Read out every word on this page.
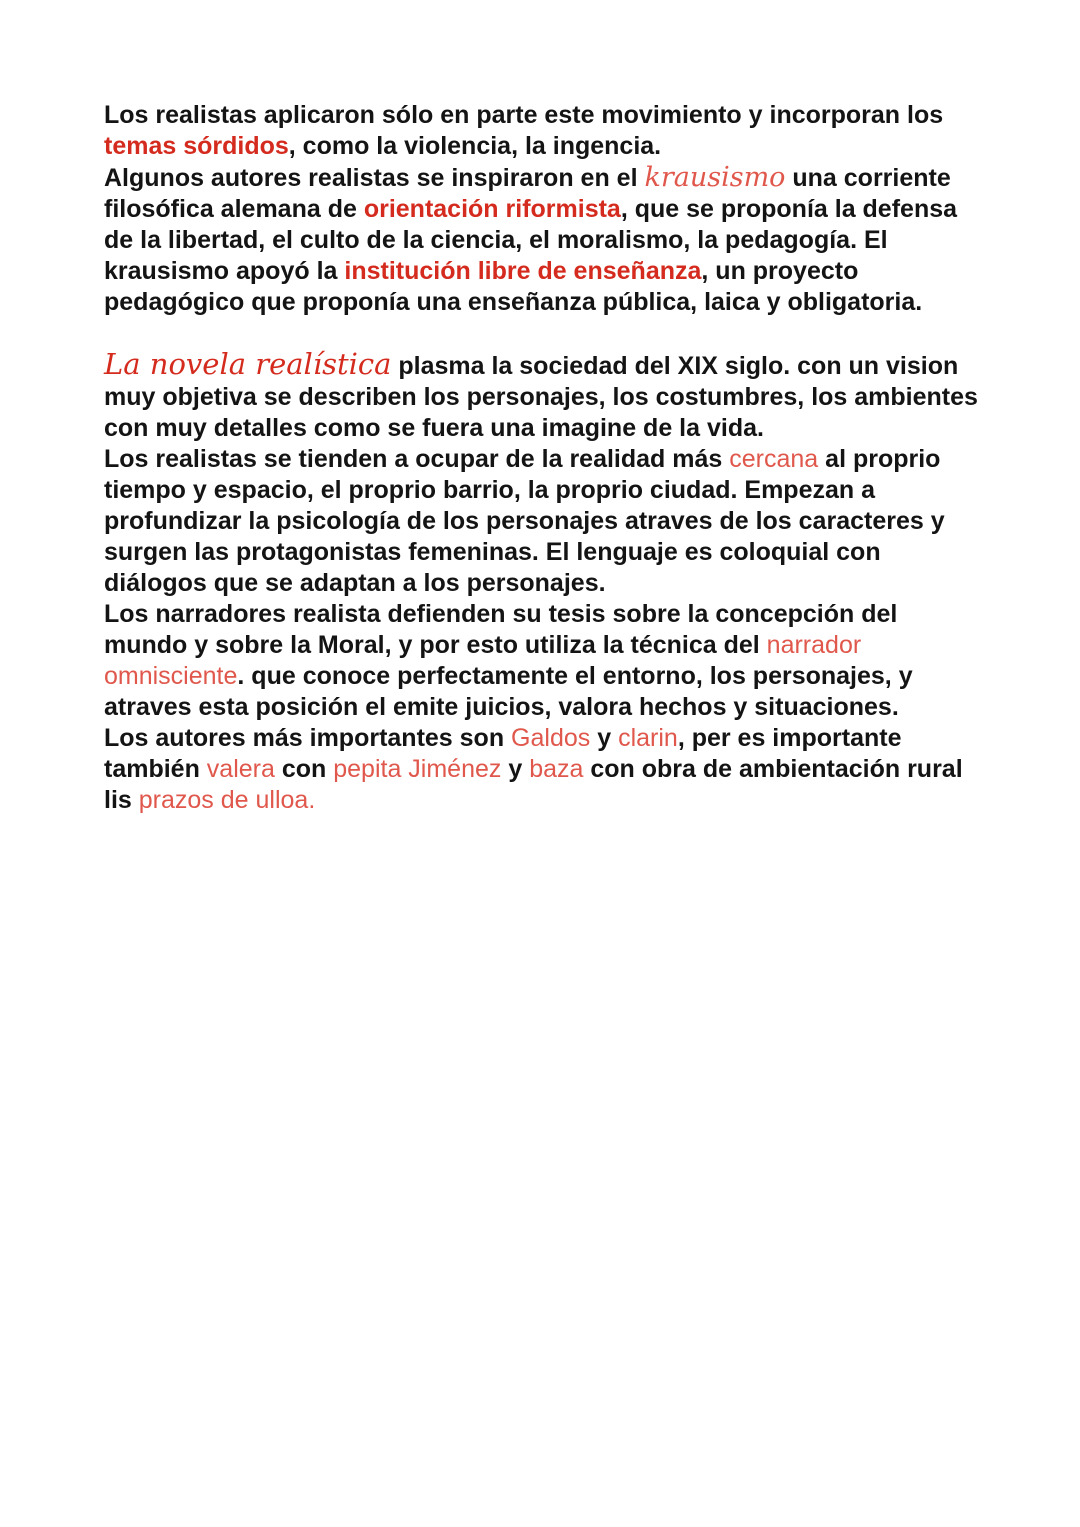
Los realistas aplicaron sólo en parte este movimiento y incorporan los temas sórdidos, como la violencia, la ingencia.

Algunos autores realistas se inspiraron en el krausismo una corriente filosófica alemana de orientación riformista, que se proponía la defensa de la libertad, el culto de la ciencia, el moralismo, la pedagogía. El krausismo apoyó la institución libre de enseñanza, un proyecto pedagógico que proponía una enseñanza pública, laica y obligatoria.

La novela realística plasma la sociedad del XIX siglo. con un vision muy objetiva se describen los personajes, los costumbres, los ambientes con muy detalles como se fuera una imagine de la vida.

Los realistas se tienden a ocupar de la realidad más cercana al proprio tiempo y espacio, el proprio barrio, la proprio ciudad. Empezan a profundizar la psicología de los personajes atraves de los caracteres y surgen las protagonistas femeninas. El lenguaje es coloquial con diálogos que se adaptan a los personajes.

Los narradores realista defienden su tesis sobre la concepción del mundo y sobre la Moral, y por esto utiliza la técnica del narrador omnisciente. que conoce perfectamente el entorno, los personajes, y atraves esta posición el emite juicios, valora hechos y situaciones.

Los autores más importantes son Galdos y clarin, per es importante también valera con pepita Jiménez y baza con obra de ambientación rural lis prazos de ulloa.
